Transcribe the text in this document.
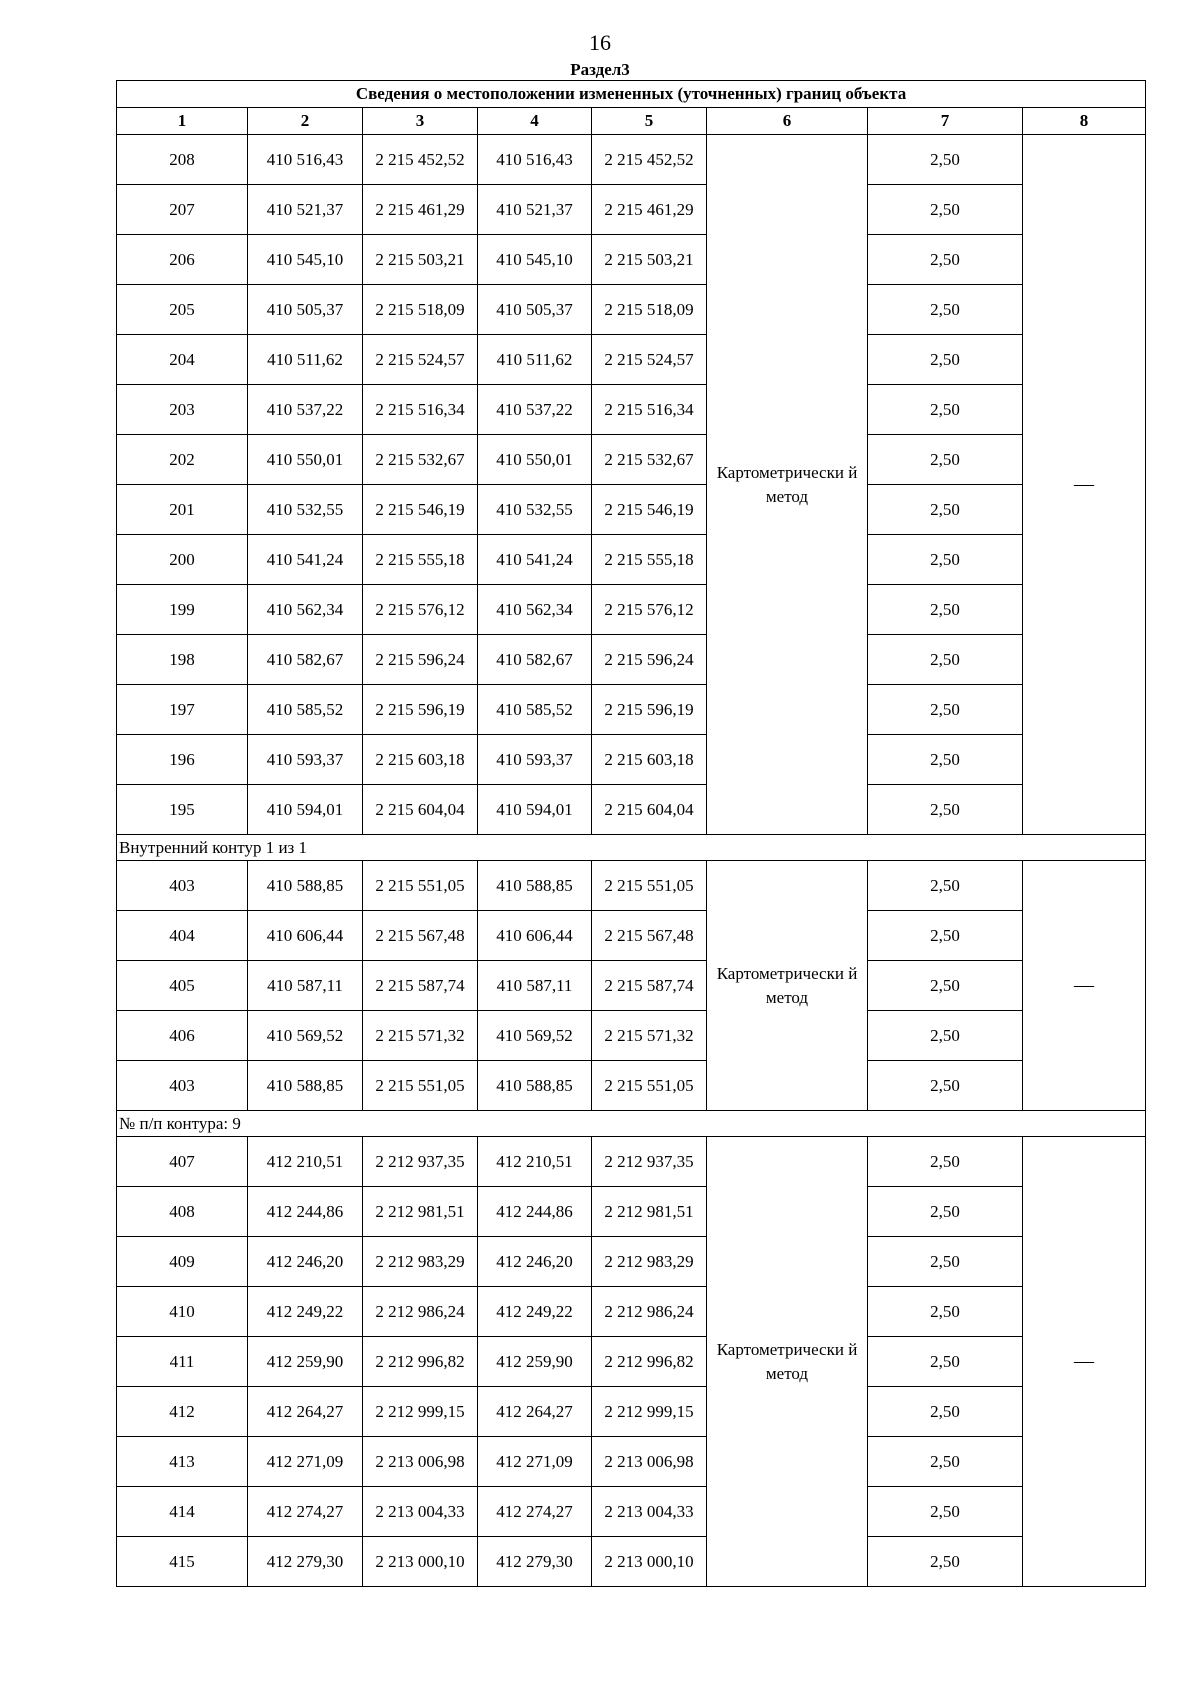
16
Раздел3
Сведения о местоположении измененных (уточненных) границ объекта							
1	2	3	4	5	6	7	8
208	410 516,43	2 215 452,52	410 516,43	2 215 452,52	Картометрически й метод	2,50	—
207	410 521,37	2 215 461,29	410 521,37	2 215 461,29		2,50	
206	410 545,10	2 215 503,21	410 545,10	2 215 503,21		2,50	
205	410 505,37	2 215 518,09	410 505,37	2 215 518,09		2,50	
204	410 511,62	2 215 524,57	410 511,62	2 215 524,57		2,50	
203	410 537,22	2 215 516,34	410 537,22	2 215 516,34		2,50	
202	410 550,01	2 215 532,67	410 550,01	2 215 532,67		2,50	
201	410 532,55	2 215 546,19	410 532,55	2 215 546,19		2,50	
200	410 541,24	2 215 555,18	410 541,24	2 215 555,18		2,50	
199	410 562,34	2 215 576,12	410 562,34	2 215 576,12		2,50	
198	410 582,67	2 215 596,24	410 582,67	2 215 596,24		2,50	
197	410 585,52	2 215 596,19	410 585,52	2 215 596,19		2,50	
196	410 593,37	2 215 603,18	410 593,37	2 215 603,18		2,50	
195	410 594,01	2 215 604,04	410 594,01	2 215 604,04		2,50	
Внутренний контур 1 из 1							
403	410 588,85	2 215 551,05	410 588,85	2 215 551,05	Картометрически й метод	2,50	—
404	410 606,44	2 215 567,48	410 606,44	2 215 567,48		2,50	
405	410 587,11	2 215 587,74	410 587,11	2 215 587,74		2,50	
406	410 569,52	2 215 571,32	410 569,52	2 215 571,32		2,50	
403	410 588,85	2 215 551,05	410 588,85	2 215 551,05		2,50	
№ п/п контура: 9							
407	412 210,51	2 212 937,35	412 210,51	2 212 937,35	Картометрически й метод	2,50	—
408	412 244,86	2 212 981,51	412 244,86	2 212 981,51		2,50	
409	412 246,20	2 212 983,29	412 246,20	2 212 983,29		2,50	
410	412 249,22	2 212 986,24	412 249,22	2 212 986,24		2,50	
411	412 259,90	2 212 996,82	412 259,90	2 212 996,82		2,50	
412	412 264,27	2 212 999,15	412 264,27	2 212 999,15		2,50	
413	412 271,09	2 213 006,98	412 271,09	2 213 006,98		2,50	
414	412 274,27	2 213 004,33	412 274,27	2 213 004,33		2,50	
415	412 279,30	2 213 000,10	412 279,30	2 213 000,10		2,50	
